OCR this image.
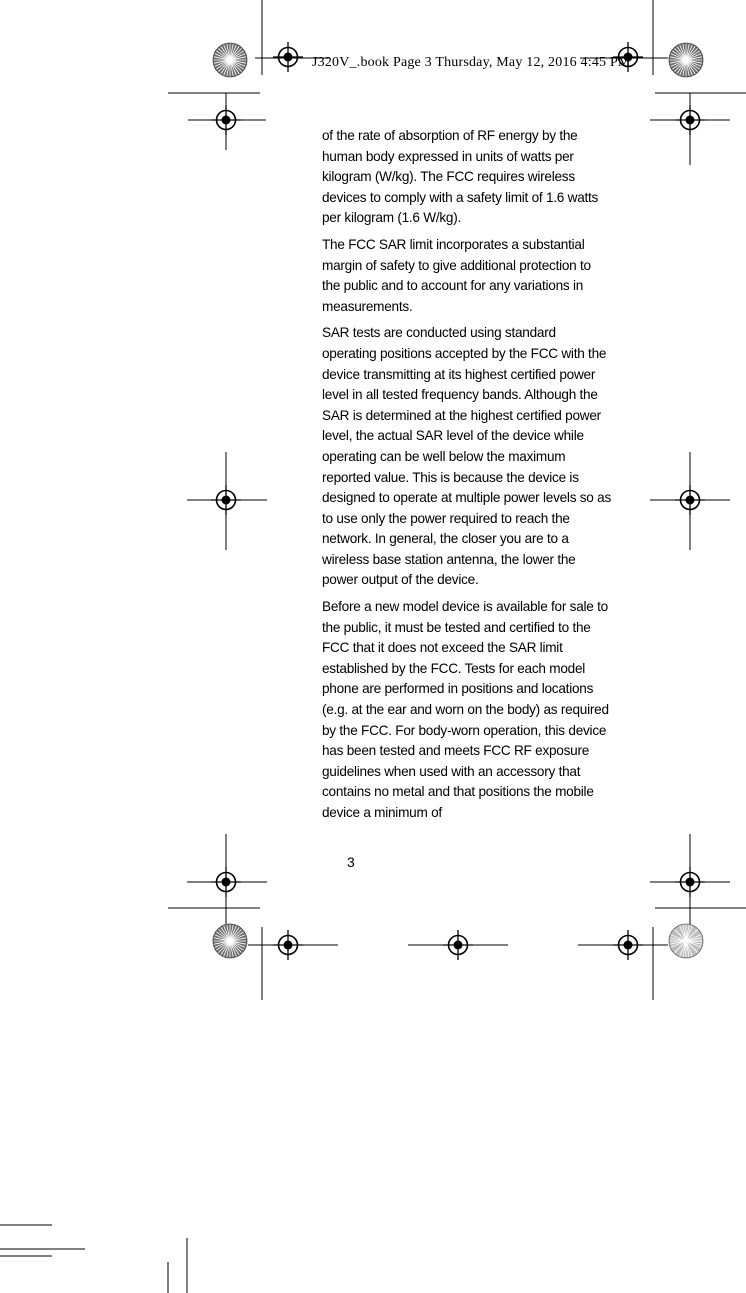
J320V_.book Page 3 Thursday, May 12, 2016 4:45 PM

of the rate of absorption of RF energy by the human body expressed in units of watts per kilogram (W/kg). The FCC requires wireless devices to comply with a safety limit of 1.6 watts per kilogram (1.6 W/kg).

The FCC SAR limit incorporates a substantial margin of safety to give additional protection to the public and to account for any variations in measurements.

SAR tests are conducted using standard operating positions accepted by the FCC with the device transmitting at its highest certified power level in all tested frequency bands. Although the SAR is determined at the highest certified power level, the actual SAR level of the device while operating can be well below the maximum reported value. This is because the device is designed to operate at multiple power levels so as to use only the power required to reach the network. In general, the closer you are to a wireless base station antenna, the lower the power output of the device.

Before a new model device is available for sale to the public, it must be tested and certified to the FCC that it does not exceed the SAR limit established by the FCC. Tests for each model phone are performed in positions and locations (e.g. at the ear and worn on the body) as required by the FCC. For body-worn operation, this device has been tested and meets FCC RF exposure guidelines when used with an accessory that contains no metal and that positions the mobile device a minimum of

3
